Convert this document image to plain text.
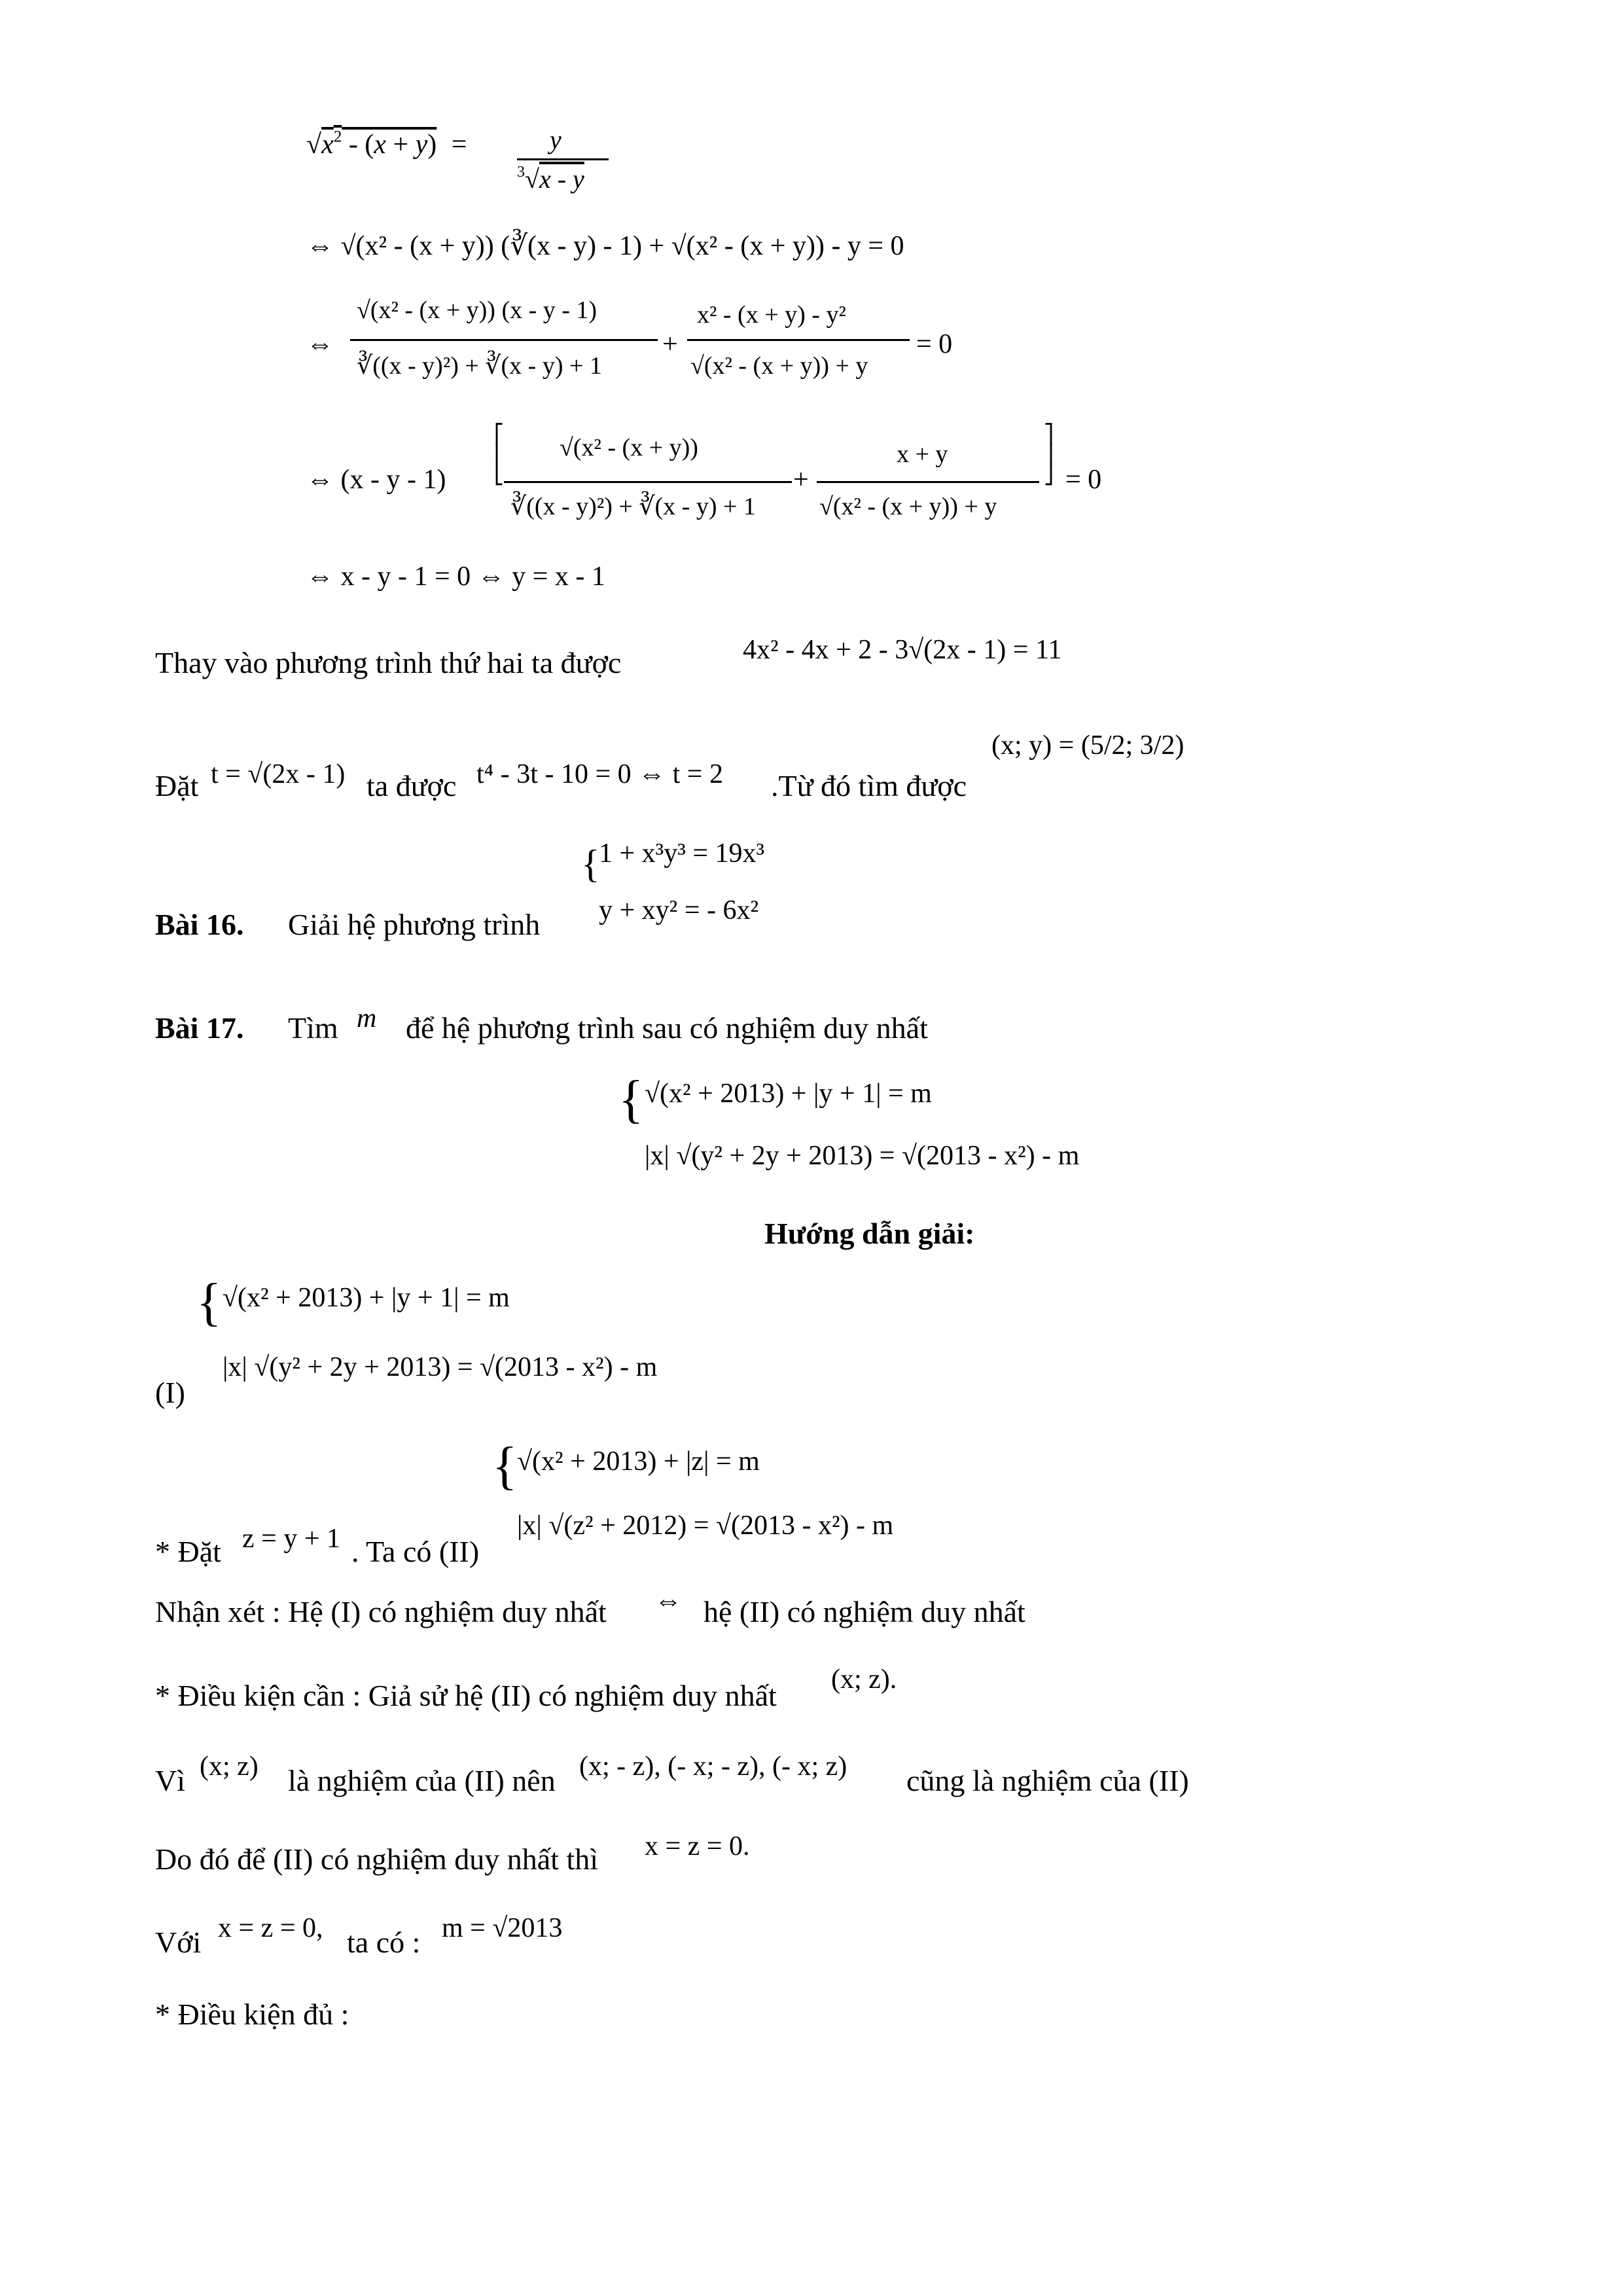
$√x^2 - (x + y)$ =	y
$^3$√x - y
⇔ √(x² - (x + y)) (∛(x - y) - 1) + √(x² - (x + y)) - y = 0
⇔
√(x² - (x + y)) (x - y - 1)
∛((x - y)²) + ∛(x - y) + 1
+
x² - (x + y) - y²
√(x² - (x + y)) + y
= 0
⇔ (x - y - 1)
⎡
⎢
⎣
√(x² - (x + y))
∛((x - y)²) + ∛(x - y) + 1
+
x + y
√(x² - (x + y)) + y
⎤
⎥
⎦ = 0
⇔ x - y - 1 = 0 ⇔ y = x - 1
Thay vào phương trình thứ hai ta được	4x² - 4x + 2 - 3√(2x - 1) = 11
Đặt t = √(2x - 1) ta được t⁴ - 3t - 10 = 0 ⇔ t = 2 .Từ đó tìm được
(x; y) = (5/2; 3/2)
1 + x³y³ = 19x³
y + xy² = - 6x²
Bài 16. Giải hệ phương trình
{
Bài 17. Tìm m để hệ phương trình sau có nghiệm duy nhất
{ √(x² + 2013) + |y + 1| = m
|x| √(y² + 2y + 2013) = √(2013 - x²) - m
Hướng dẫn giải:
{ √(x² + 2013) + |y + 1| = m
|x| √(y² + 2y + 2013) = √(2013 - x²) - m
(I)
{ √(x² + 2013) + |z| = m
|x| √(z² + 2012) = √(2013 - x²) - m
* Đặt z = y + 1 . Ta có (II)
Nhận xét : Hệ (I) có nghiệm duy nhất ⇔ hệ (II) có nghiệm duy nhất
* Điều kiện cần : Giả sử hệ (II) có nghiệm duy nhất (x; z).
Vì (x; z) là nghiệm của (II) nên (x; - z), (- x; - z), (- x; z) cũng là nghiệm của (II)
Do đó để (II) có nghiệm duy nhất thì x = z = 0.
Với x = z = 0, ta có : m = √2013
* Điều kiện đủ :
